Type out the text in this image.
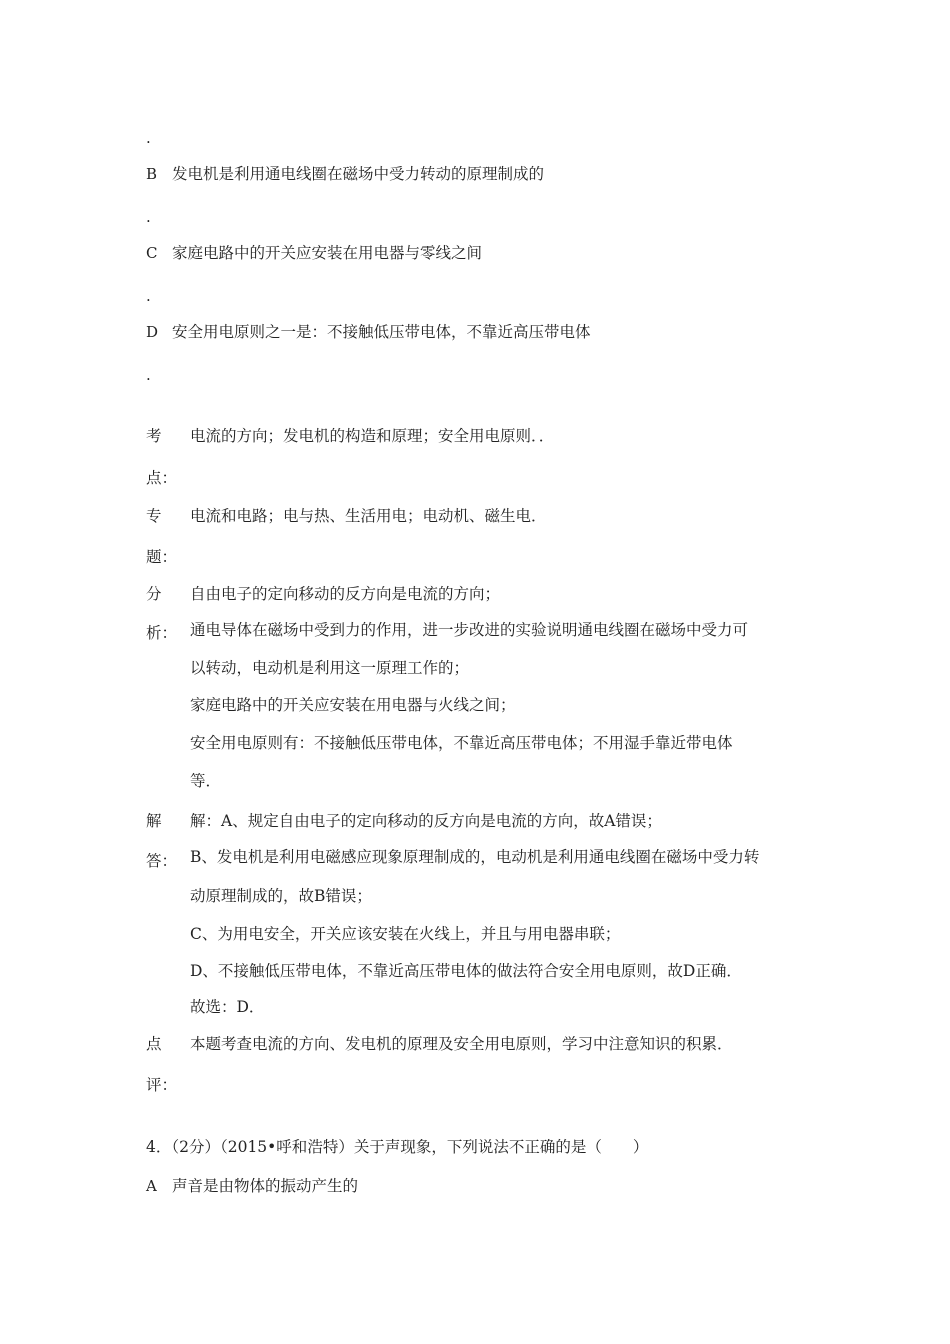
.
B 发电机是利用通电线圈在磁场中受力转动的原理制成的
.
C 家庭电路中的开关应安装在用电器与零线之间
.
D 安全用电原则之一是：不接触低压带电体，不靠近高压带电体
.
考
点：
电流的方向；发电机的构造和原理；安全用电原则．．
专
题：
电流和电路；电与热、生活用电；电动机、磁生电．
分
析：
自由电子的定向移动的反方向是电流的方向；
通电导体在磁场中受到力的作用，进一步改进的实验说明通电线圈在磁场中受力可
以转动，电动机是利用这一原理工作的；
家庭电路中的开关应安装在用电器与火线之间；
安全用电原则有：不接触低压带电体，不靠近高压带电体；不用湿手靠近带电体
等．
解
答：
解：A、规定自由电子的定向移动的反方向是电流的方向，故A错误；
B、发电机是利用电磁感应现象原理制成的，电动机是利用通电线圈在磁场中受力转
动原理制成的，故B错误；
C、为用电安全，开关应该安装在火线上，并且与用电器串联；
D、不接触低压带电体，不靠近高压带电体的做法符合安全用电原则，故D正确．
故选：D．
点
评：
本题考查电流的方向、发电机的原理及安全用电原则，学习中注意知识的积累．
4．（2分）（2015•呼和浩特）关于声现象，下列说法不正确的是（　　）
A 声音是由物体的振动产生的
